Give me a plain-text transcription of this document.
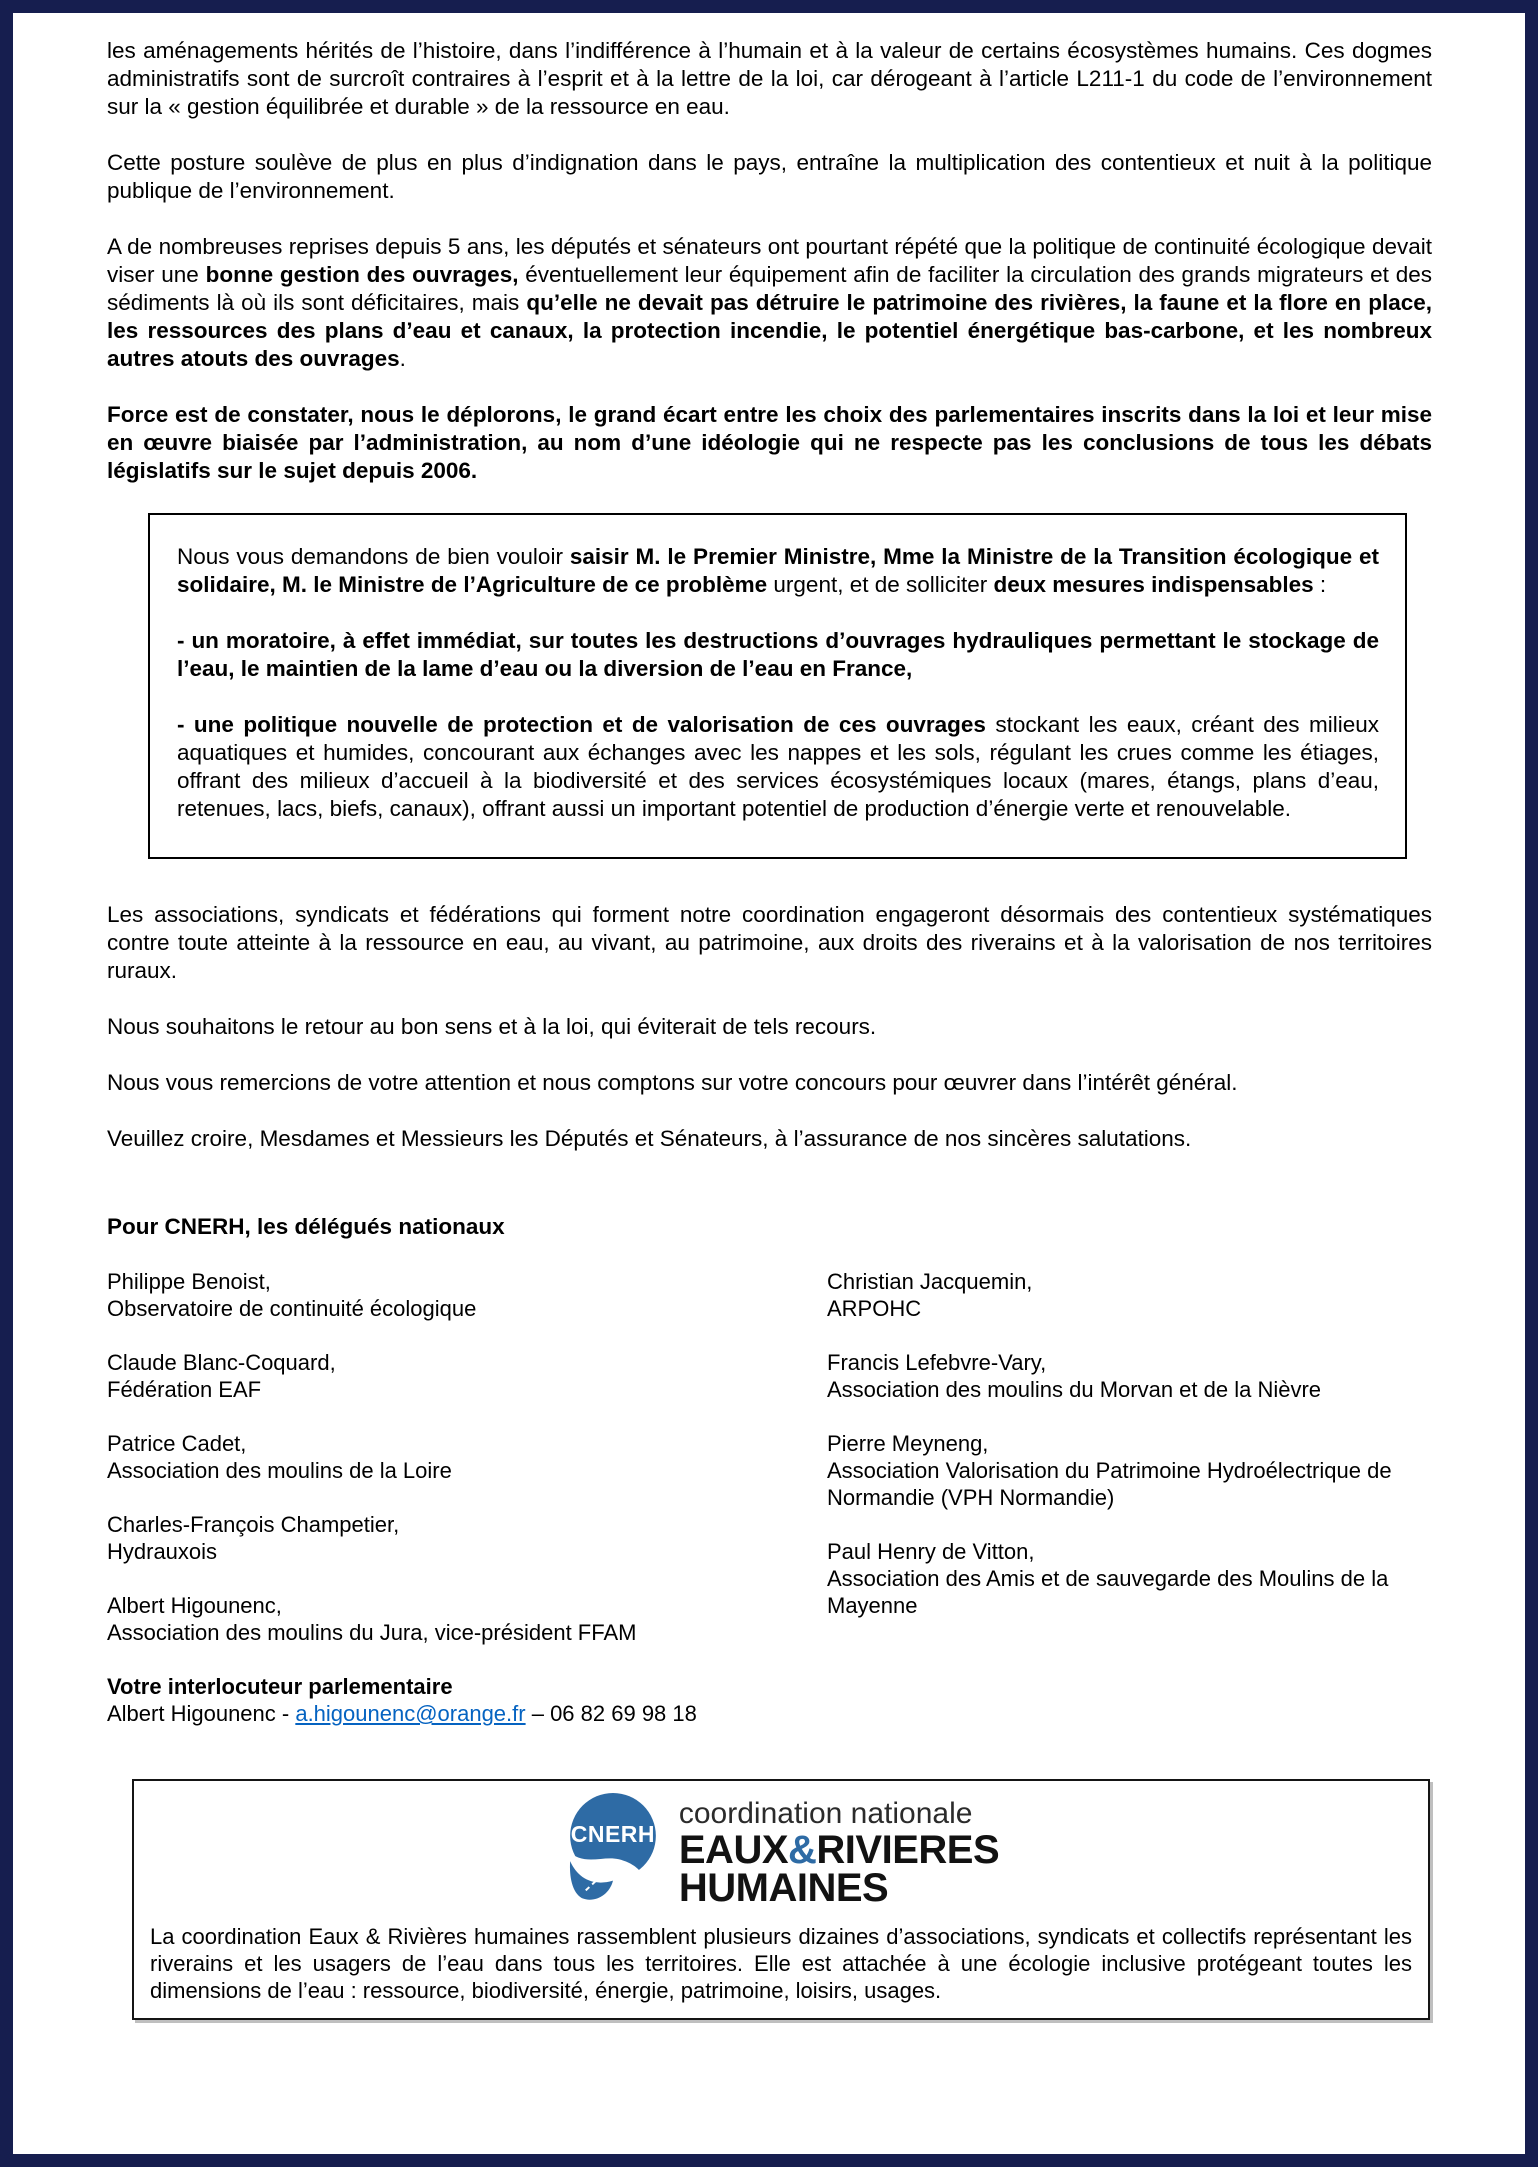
les aménagements hérités de l’histoire, dans l’indifférence à l’humain et à la valeur de certains écosystèmes humains. Ces dogmes administratifs sont de surcroît contraires à l’esprit et à la lettre de la loi, car dérogeant à l’article L211-1 du code de l’environnement sur la « gestion équilibrée et durable » de la ressource en eau.

Cette posture soulève de plus en plus d’indignation dans le pays, entraîne la multiplication des contentieux et nuit à la politique publique de l’environnement.

A de nombreuses reprises depuis 5 ans, les députés et sénateurs ont pourtant répété que la politique de continuité écologique devait viser une bonne gestion des ouvrages, éventuellement leur équipement afin de faciliter la circulation des grands migrateurs et des sédiments là où ils sont déficitaires, mais qu’elle ne devait pas détruire le patrimoine des rivières, la faune et la flore en place, les ressources des plans d’eau et canaux, la protection incendie, le potentiel énergétique bas-carbone, et les nombreux autres atouts des ouvrages.

Force est de constater, nous le déplorons, le grand écart entre les choix des parlementaires inscrits dans la loi et leur mise en œuvre biaisée par l’administration, au nom d’une idéologie qui ne respecte pas les conclusions de tous les débats législatifs sur le sujet depuis 2006.

Nous vous demandons de bien vouloir saisir M. le Premier Ministre, Mme la Ministre de la Transition écologique et solidaire, M. le Ministre de l’Agriculture de ce problème urgent, et de solliciter deux mesures indispensables :

- un moratoire, à effet immédiat, sur toutes les destructions d’ouvrages hydrauliques permettant le stockage de l’eau, le maintien de la lame d’eau ou la diversion de l’eau en France,

- une politique nouvelle de protection et de valorisation de ces ouvrages stockant les eaux, créant des milieux aquatiques et humides, concourant aux échanges avec les nappes et les sols, régulant les crues comme les étiages, offrant des milieux d’accueil à la biodiversité et des services écosystémiques locaux (mares, étangs, plans d’eau, retenues, lacs, biefs, canaux), offrant aussi un important potentiel de production d’énergie verte et renouvelable.

Les associations, syndicats et fédérations qui forment notre coordination engageront désormais des contentieux systématiques contre toute atteinte à la ressource en eau, au vivant, au patrimoine, aux droits des riverains et à la valorisation de nos territoires ruraux.

Nous souhaitons le retour au bon sens et à la loi, qui éviterait de tels recours.

Nous vous remercions de votre attention et nous comptons sur votre concours pour œuvrer dans l’intérêt général.

Veuillez croire, Mesdames et Messieurs les Députés et Sénateurs, à l’assurance de nos sincères salutations.

Pour CNERH, les délégués nationaux
Philippe Benoist,
Observatoire de continuité écologique
Claude Blanc-Coquard,
Fédération EAF
Patrice Cadet,
Association des moulins de la Loire
Charles-François Champetier,
Hydrauxois
Albert Higounenc,
Association des moulins du Jura, vice-président FFAM
Christian Jacquemin,
ARPOHC
Francis Lefebvre-Vary,
Association des moulins du Morvan et de la Nièvre
Pierre Meyneng,
Association Valorisation du Patrimoine Hydroélectrique de Normandie (VPH Normandie)
Paul Henry de Vitton,
Association des Amis et de sauvegarde des Moulins de la Mayenne
Votre interlocuteur parlementaire
Albert Higounenc - a.higounenc@orange.fr – 06 82 69 98 18
CNERH
coordination nationale
EAUX&RIVIERES
HUMAINES

La coordination Eaux & Rivières humaines rassemblent plusieurs dizaines d’associations, syndicats et collectifs représentant les riverains et les usagers de l’eau dans tous les territoires. Elle est attachée à une écologie inclusive protégeant toutes les dimensions de l’eau : ressource, biodiversité, énergie, patrimoine, loisirs, usages.
